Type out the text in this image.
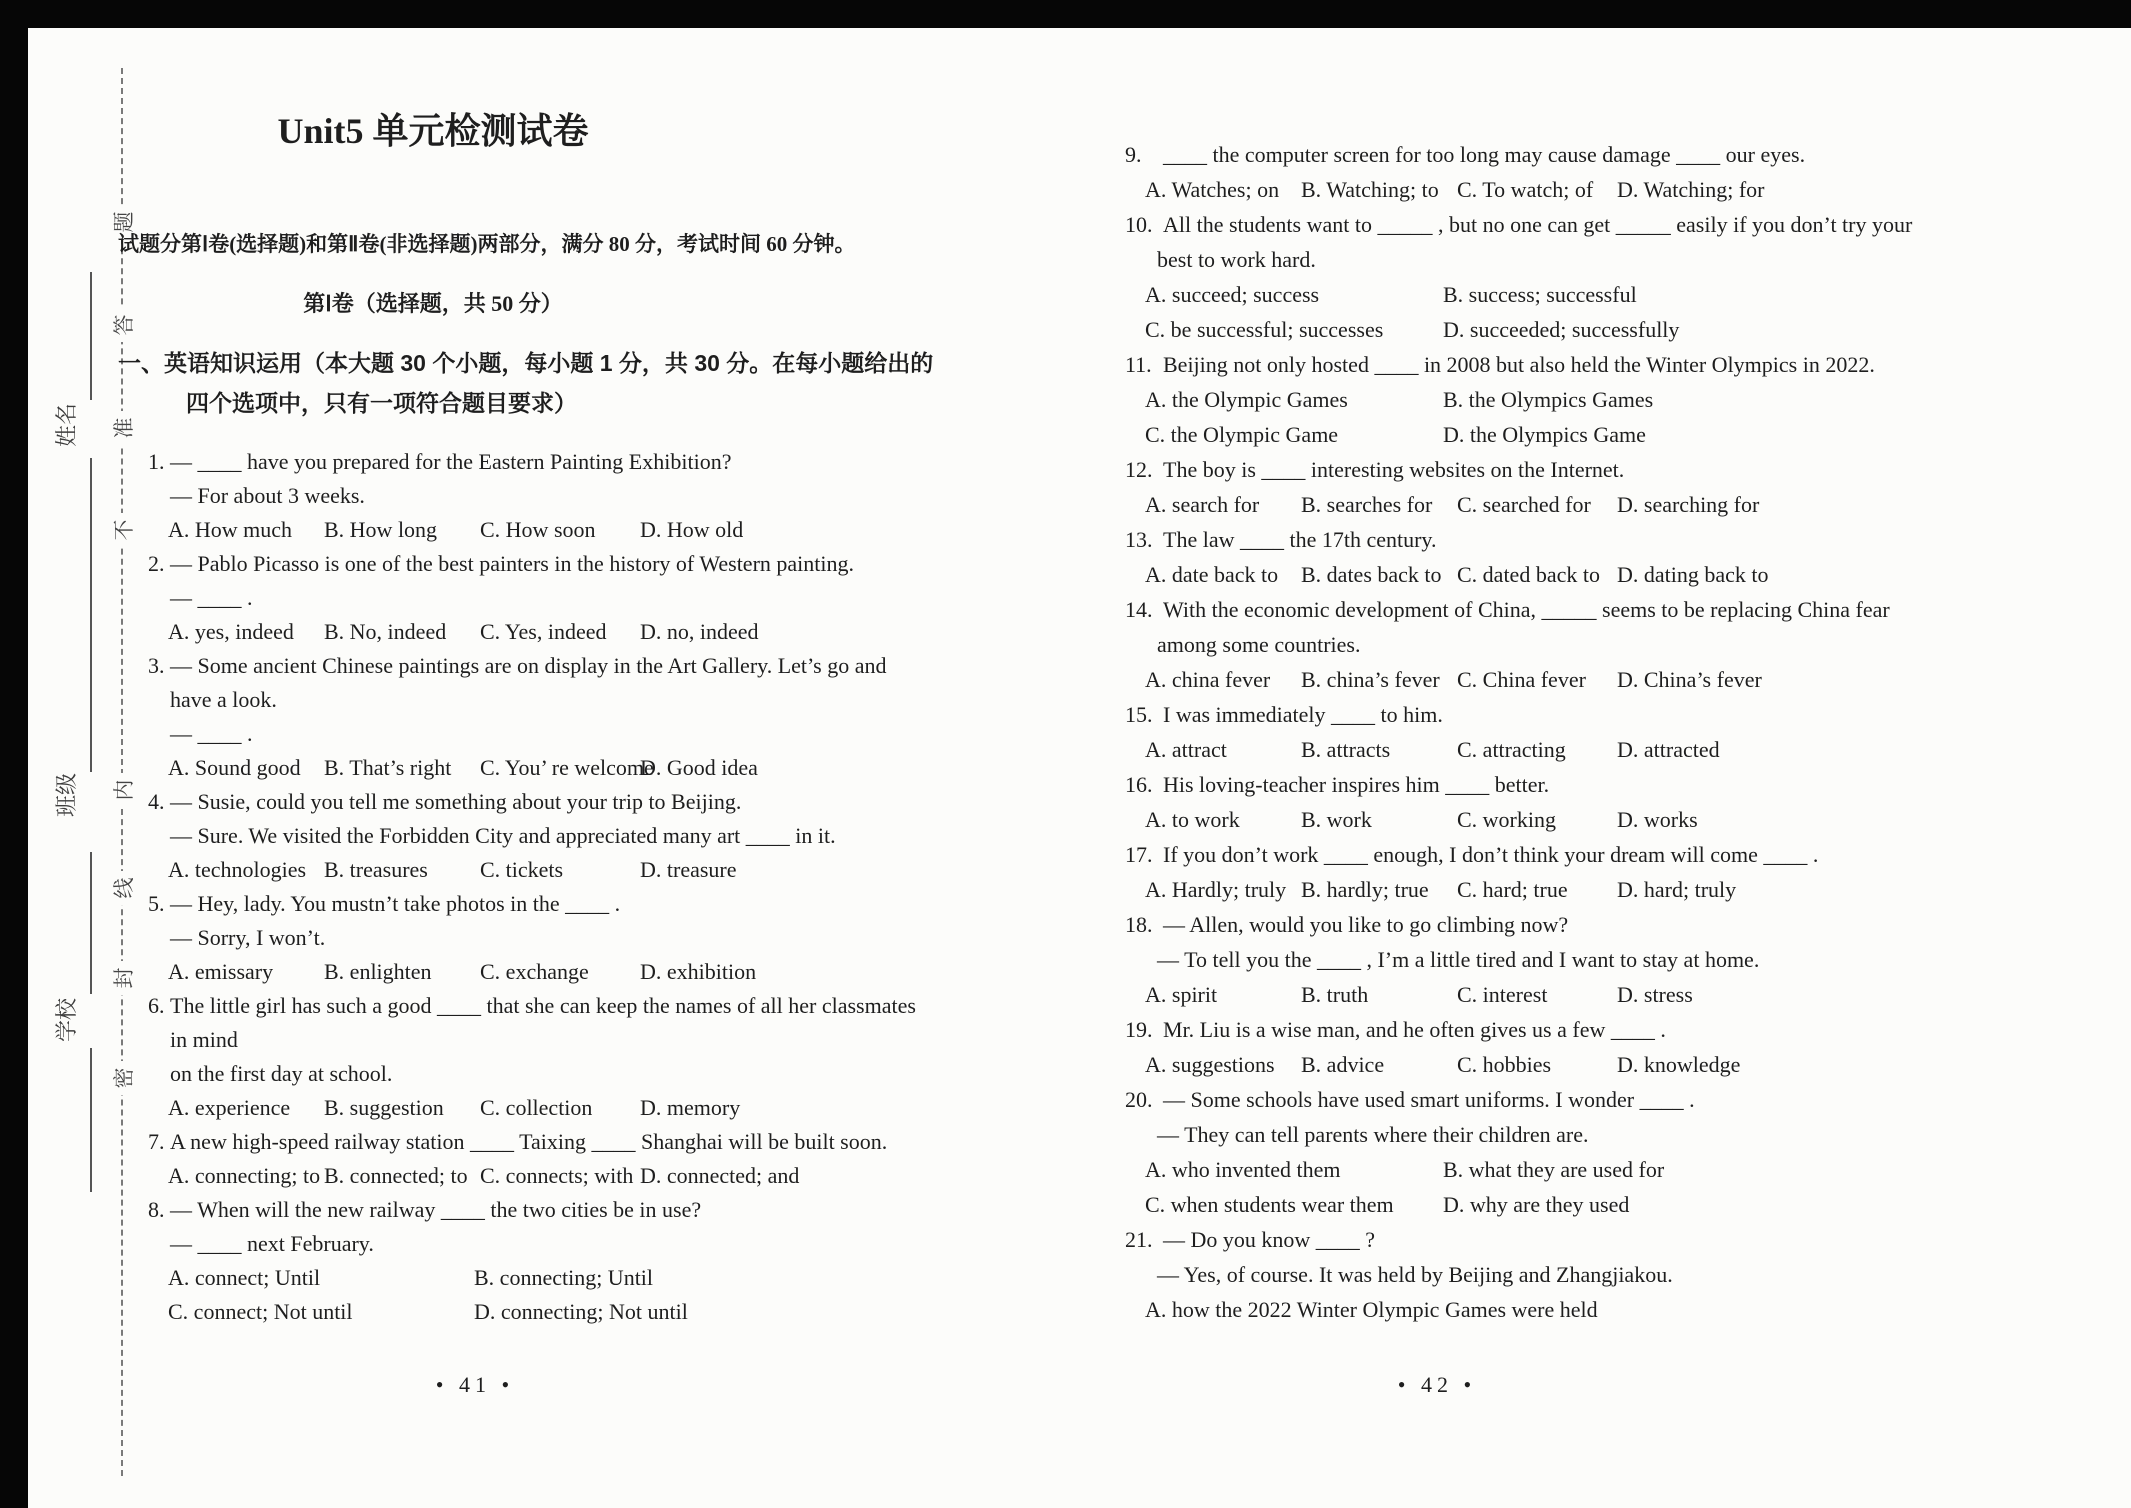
姓名
班级
学校
题
答
准
不
内
线
封
密
Unit5 单元检测试卷

试题分第Ⅰ卷(选择题)和第Ⅱ卷(非选择题)两部分，满分 80 分，考试时间 60 分钟。

第Ⅰ卷（选择题，共 50 分）

一、英语知识运用（本大题 30 个小题，每小题 1 分，共 30 分。在每小题给出的

四个选项中，只有一项符合题目要求）

1. — ____ have you prepared for the Eastern Painting Exhibition?
— For about 3 weeks.
A. How much	B. How long	C. How soon	D. How old
2. — Pablo Picasso is one of the best painters in the history of Western painting.
— ____ .
A. yes, indeed	B. No, indeed	C. Yes, indeed	D. no, indeed
3. — Some ancient Chinese paintings are on display in the Art Gallery. Let’s go and
have a look.
— ____ .
A. Sound good	B. That’s right	C. You’ re welcome
D. Good idea
4. — Susie, could you tell me something about your trip to Beijing.
— Sure. We visited the Forbidden City and appreciated many art ____ in it.
A. technologies B. treasures	C. tickets	D. treasure
5. — Hey, lady. You mustn’t take photos in the ____ .
— Sorry, I won’t.
A. emissary	B. enlighten	C. exchange	D. exhibition
6. The little girl has such a good ____ that she can keep the names of all her classmates
in mind
on the first day at school.
A. experience	B. suggestion	C. collection	D. memory
7. A new high-speed railway station ____ Taixing ____ Shanghai will be built soon.
A. connecting; to B. connected; to C. connects; with D. connected; and
8. — When will the new railway ____ the two cities be in use?
— ____ next February.
A. connect; Until	B. connecting; Until
C. connect; Not until	D. connecting; Not until
9. ____ the computer screen for too long may cause damage ____ our eyes.
A. Watches; on B. Watching; to C. To watch; of	D. Watching; for
10. All the students want to _____ , but no one can get _____ easily if you don’t try your
best to work hard.
A. succeed; success	B. success; successful
C. be successful; successes	D. succeeded; successfully
11. Beijing not only hosted ____ in 2008 but also held the Winter Olympics in 2022.
A. the Olympic Games	B. the Olympics Games
C. the Olympic Game	D. the Olympics Game
12. The boy is ____ interesting websites on the Internet.
A. search for	B. searches for	C. searched for	D. searching for
13. The law ____ the 17th century.
A. date back to	B. dates back to C. dated back to D. dating back to
14. With the economic development of China, _____ seems to be replacing China fear
among some countries.
A. china fever	B. china’s fever C. China fever	D. China’s fever
15. I was immediately ____ to him.
A. attract	B. attracts	C. attracting	D. attracted
16. His loving-teacher inspires him ____ better.
A. to work	B. work	C. working	D. works
17. If you don’t work ____ enough, I don’t think your dream will come ____ .
A. Hardly; truly B. hardly; true	C. hard; true	D. hard; truly
18. — Allen, would you like to go climbing now?
— To tell you the ____ , I’m a little tired and I want to stay at home.
A. spirit	B. truth	C. interest	D. stress
19. Mr. Liu is a wise man, and he often gives us a few ____ .
A. suggestions	B. advice	C. hobbies	D. knowledge
20. — Some schools have used smart uniforms. I wonder ____ .
— They can tell parents where their children are.
A. who invented them	B. what they are used for
C. when students wear them	D. why are they used
21. — Do you know ____ ?
— Yes, of course. It was held by Beijing and Zhangjiakou.
A. how the 2022 Winter Olympic Games were held
• 41 •	• 42 •
